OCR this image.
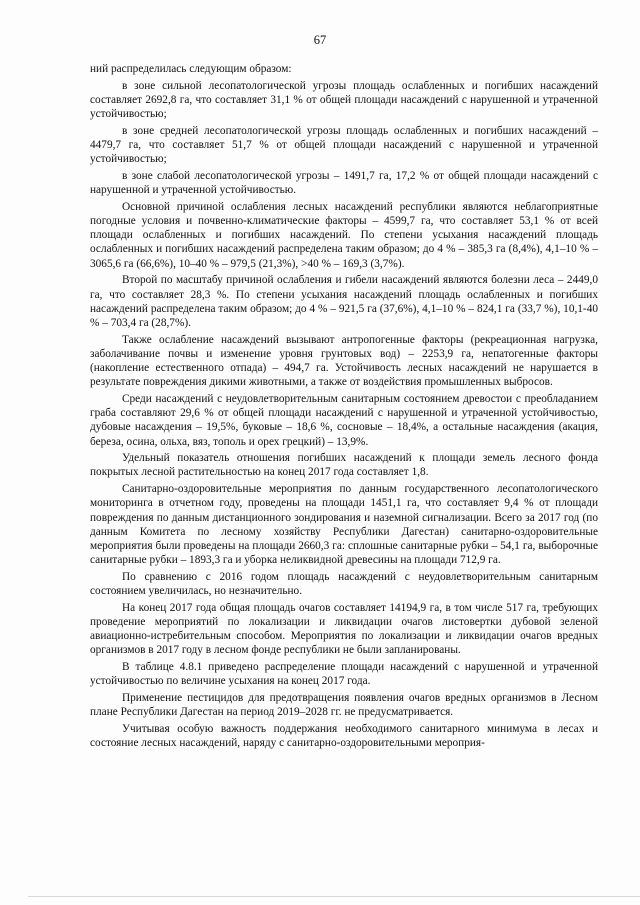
67

ний распределилась следующим образом:

в зоне сильной лесопатологической угрозы площадь ослабленных и погибших насаждений составляет 2692,8 га, что составляет 31,1 % от общей площади насаждений с нарушенной и утраченной устойчивостью;

в зоне средней лесопатологической угрозы площадь ослабленных и погибших насаждений – 4479,7 га, что составляет 51,7 % от общей площади насаждений с нарушенной и утраченной устойчивостью;

в зоне слабой лесопатологической угрозы – 1491,7 га, 17,2 % от общей площади насаждений с нарушенной и утраченной устойчивостью.

Основной причиной ослабления лесных насаждений республики являются неблагоприятные погодные условия и почвенно-климатические факторы – 4599,7 га, что составляет 53,1 % от всей площади ослабленных и погибших насаждений. По степени усыхания насаждений площадь ослабленных и погибших насаждений распределена таким образом; до 4 % – 385,3 га (8,4%), 4,1–10 % – 3065,6 га (66,6%), 10–40 % – 979,5 (21,3%), >40 % – 169,3 (3,7%).

Второй по масштабу причиной ослабления и гибели насаждений являются болезни леса – 2449,0 га, что составляет 28,3 %. По степени усыхания насаждений площадь ослабленных и погибших насаждений распределена таким образом; до 4 % – 921,5 га (37,6%), 4,1–10 % – 824,1 га (33,7 %), 10,1-40 % – 703,4 га (28,7%).

Также ослабление насаждений вызывают антропогенные факторы (рекреационная нагрузка, заболачивание почвы и изменение уровня грунтовых вод) – 2253,9 га, непатогенные факторы (накопление естественного отпада) – 494,7 га. Устойчивость лесных насаждений не нарушается в результате повреждения дикими животными, а также от воздействия промышленных выбросов.

Среди насаждений с неудовлетворительным санитарным состоянием древостои с преобладанием граба составляют 29,6 % от общей площади насаждений с нарушенной и утраченной устойчивостью, дубовые насаждения – 19,5%, буковые – 18,6 %, сосновые – 18,4%, а остальные насаждения (акация, береза, осина, ольха, вяз, тополь и орех грецкий) – 13,9%.

Удельный показатель отношения погибших насаждений к площади земель лесного фонда покрытых лесной растительностью на конец 2017 года составляет 1,8.

Санитарно-оздоровительные мероприятия по данным государственного лесопатологического мониторинга в отчетном году, проведены на площади 1451,1 га, что составляет 9,4 % от площади повреждения по данным дистанционного зондирования и наземной сигнализации. Всего за 2017 год (по данным Комитета по лесному хозяйству Республики Дагестан) санитарно-оздоровительные мероприятия были проведены на площади 2660,3 га: сплошные санитарные рубки – 54,1 га, выборочные санитарные рубки – 1893,3 га и уборка неликвидной древесины на площади 712,9 га.

По сравнению с 2016 годом площадь насаждений с неудовлетворительным санитарным состоянием увеличилась, но незначительно.

На конец 2017 года общая площадь очагов составляет 14194,9 га, в том числе 517 га, требующих проведение мероприятий по локализации и ликвидации очагов листовертки дубовой зеленой авиационно-истребительным способом. Мероприятия по локализации и ликвидации очагов вредных организмов в 2017 году в лесном фонде республики не были запланированы.

В таблице 4.8.1 приведено распределение площади насаждений с нарушенной и утраченной устойчивостью по величине усыхания на конец 2017 года.

Применение пестицидов для предотвращения появления очагов вредных организмов в Лесном плане Республики Дагестан на период 2019–2028 гг. не предусматривается.

Учитывая особую важность поддержания необходимого санитарного минимума в лесах и состояние лесных насаждений, наряду с санитарно-оздоровительными мероприя-
